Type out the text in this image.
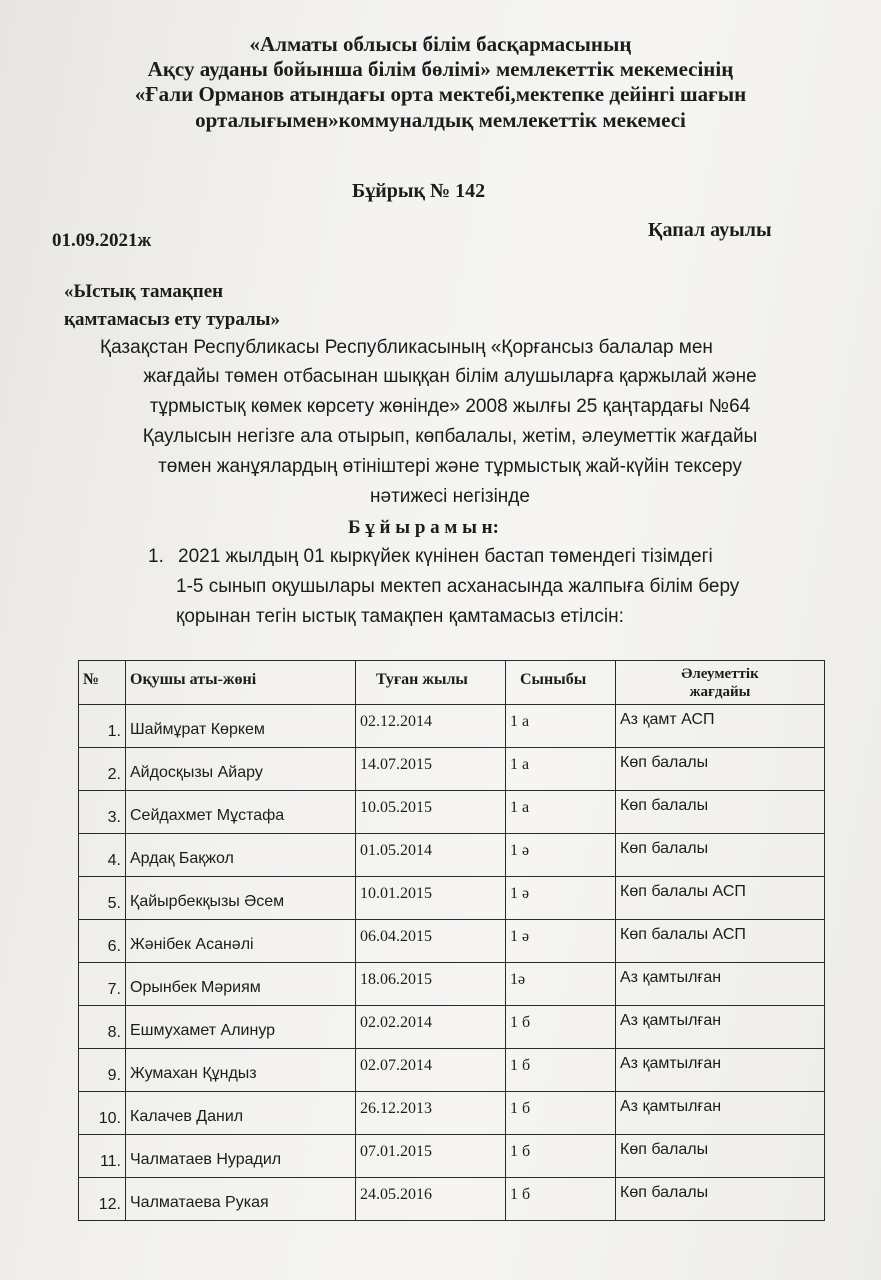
«Алматы облысы білім басқармасының
Ақсу ауданы бойынша білім бөлімі» мемлекеттік мекемесінің
«Ғали Орманов атындағы орта мектебі,мектепке дейінгі шағын
орталығымен»коммуналдық мемлекеттік мекемесі
Бұйрық № 142
01.09.2021ж	Қапал ауылы
«Ыстық тамақпен
қамтамасыз ету туралы»
Қазақстан Республикасы Республикасының «Қорғансыз балалар мен
жағдайы төмен отбасынан шыққан білім алушыларға қаржылай және
тұрмыстық көмек көрсету жөнінде» 2008 жылғы 25 қаңтардағы №64
Қаулысын негізге ала отырып, көпбалалы, жетім, әлеуметтік жағдайы
төмен жанұялардың өтiнiштерi және тұрмыстық жай-күйiн тексеру
нәтижесi негiзiнде
Б ұ й ы р а м ы н:
1. 2021 жылдың 01 кыркүйек күнінен бастап төмендегі тізімдегі
1-5 сынып оқушылары мектеп асханасында жалпыға білім беру
қорынан тегін ыстық тамақпен қамтамасыз етілсін:
№	Оқушы аты-жөні	Туған жылы	Сыныбы	Әлеуметтік
жағдайы

1.	Шаймұрат Көркем	02.12.2014	1 а	Аз қамт АСП
2.	Айдосқызы Айару	14.07.2015	1 а	Көп балалы
3.	Сейдахмет Мұстафа	10.05.2015	1 а	Көп балалы
4.	Ардақ Бақжол	01.05.2014	1 ә	Көп балалы
5.	Қайырбекқызы Әсем	10.01.2015	1 ә	Көп балалы АСП
6.	Жәнібек Асанәлі	06.04.2015	1 ә	Көп балалы АСП
7.	Орынбек Мәриям	18.06.2015	1ә	Аз қамтылған
8.	Ешмухамет Алинур	02.02.2014	1 б	Аз қамтылған
9.	Жумахан Құндыз	02.07.2014	1 б	Аз қамтылған
10.	Калачев Данил	26.12.2013	1 б	Аз қамтылған
11.	Чалматаев Нурадил	07.01.2015	1 б	Көп балалы
12.	Чалматаева Рукая	24.05.2016	1 б	Көп балалы
